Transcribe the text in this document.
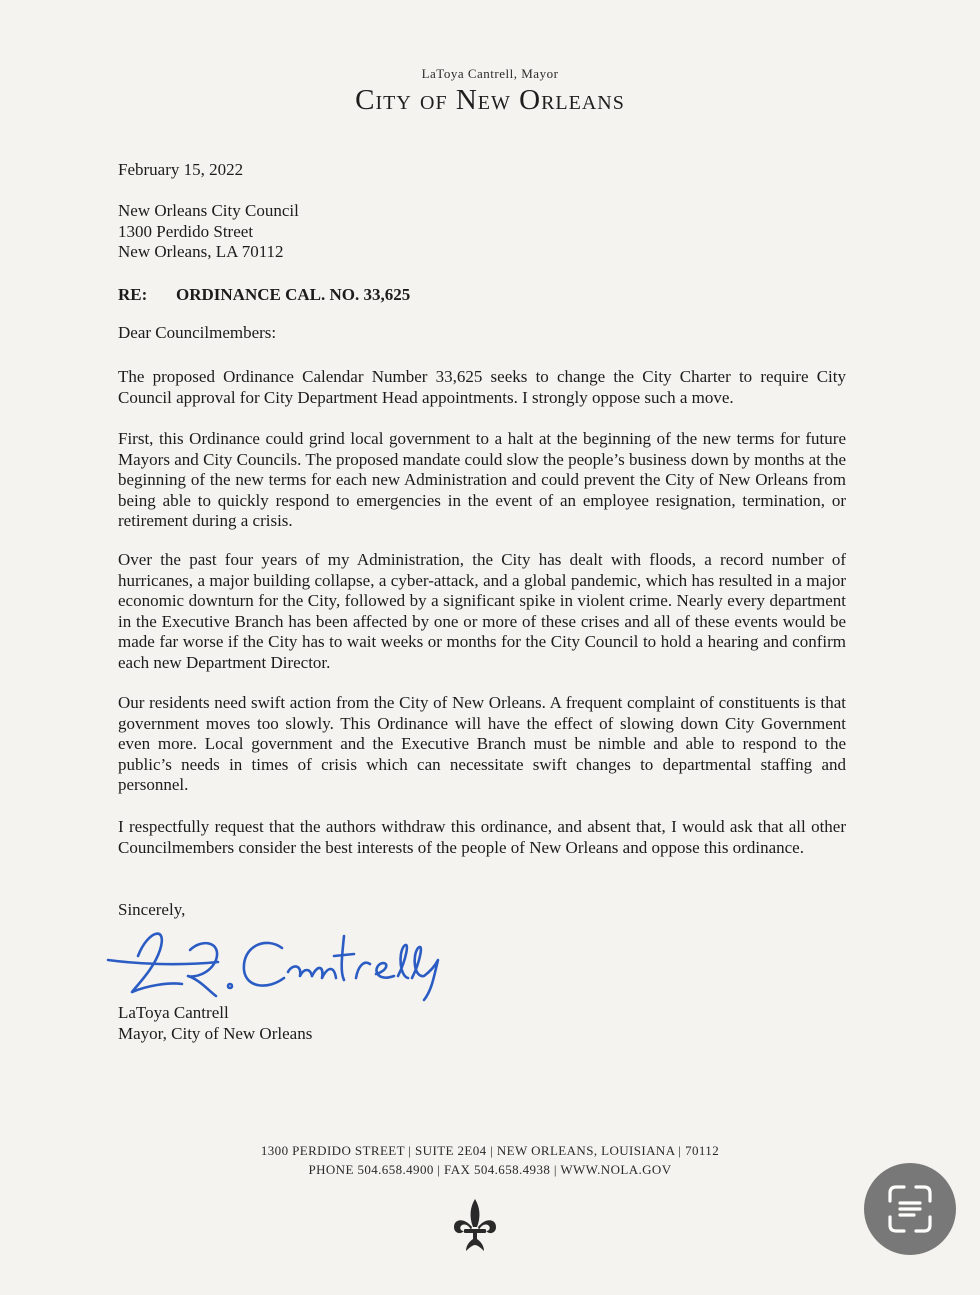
LaToya Cantrell, Mayor
City of New Orleans
February 15, 2022
New Orleans City Council
1300 Perdido Street
New Orleans, LA 70112
RE: ORDINANCE CAL. NO. 33,625
Dear Councilmembers:
The proposed Ordinance Calendar Number 33,625 seeks to change the City Charter to require City Council approval for City Department Head appointments. I strongly oppose such a move.
First, this Ordinance could grind local government to a halt at the beginning of the new terms for future Mayors and City Councils. The proposed mandate could slow the people’s business down by months at the beginning of the new terms for each new Administration and could prevent the City of New Orleans from being able to quickly respond to emergencies in the event of an employee resignation, termination, or retirement during a crisis.
Over the past four years of my Administration, the City has dealt with floods, a record number of hurricanes, a major building collapse, a cyber-attack, and a global pandemic, which has resulted in a major economic downturn for the City, followed by a significant spike in violent crime. Nearly every department in the Executive Branch has been affected by one or more of these crises and all of these events would be made far worse if the City has to wait weeks or months for the City Council to hold a hearing and confirm each new Department Director.
Our residents need swift action from the City of New Orleans. A frequent complaint of constituents is that government moves too slowly. This Ordinance will have the effect of slowing down City Government even more. Local government and the Executive Branch must be nimble and able to respond to the public’s needs in times of crisis which can necessitate swift changes to departmental staffing and personnel.
I respectfully request that the authors withdraw this ordinance, and absent that, I would ask that all other Councilmembers consider the best interests of the people of New Orleans and oppose this ordinance.
Sincerely,
LaToya Cantrell
Mayor, City of New Orleans
1300 PERDIDO STREET | SUITE 2E04 | NEW ORLEANS, LOUISIANA | 70112
PHONE 504.658.4900 | FAX 504.658.4938 | WWW.NOLA.GOV
